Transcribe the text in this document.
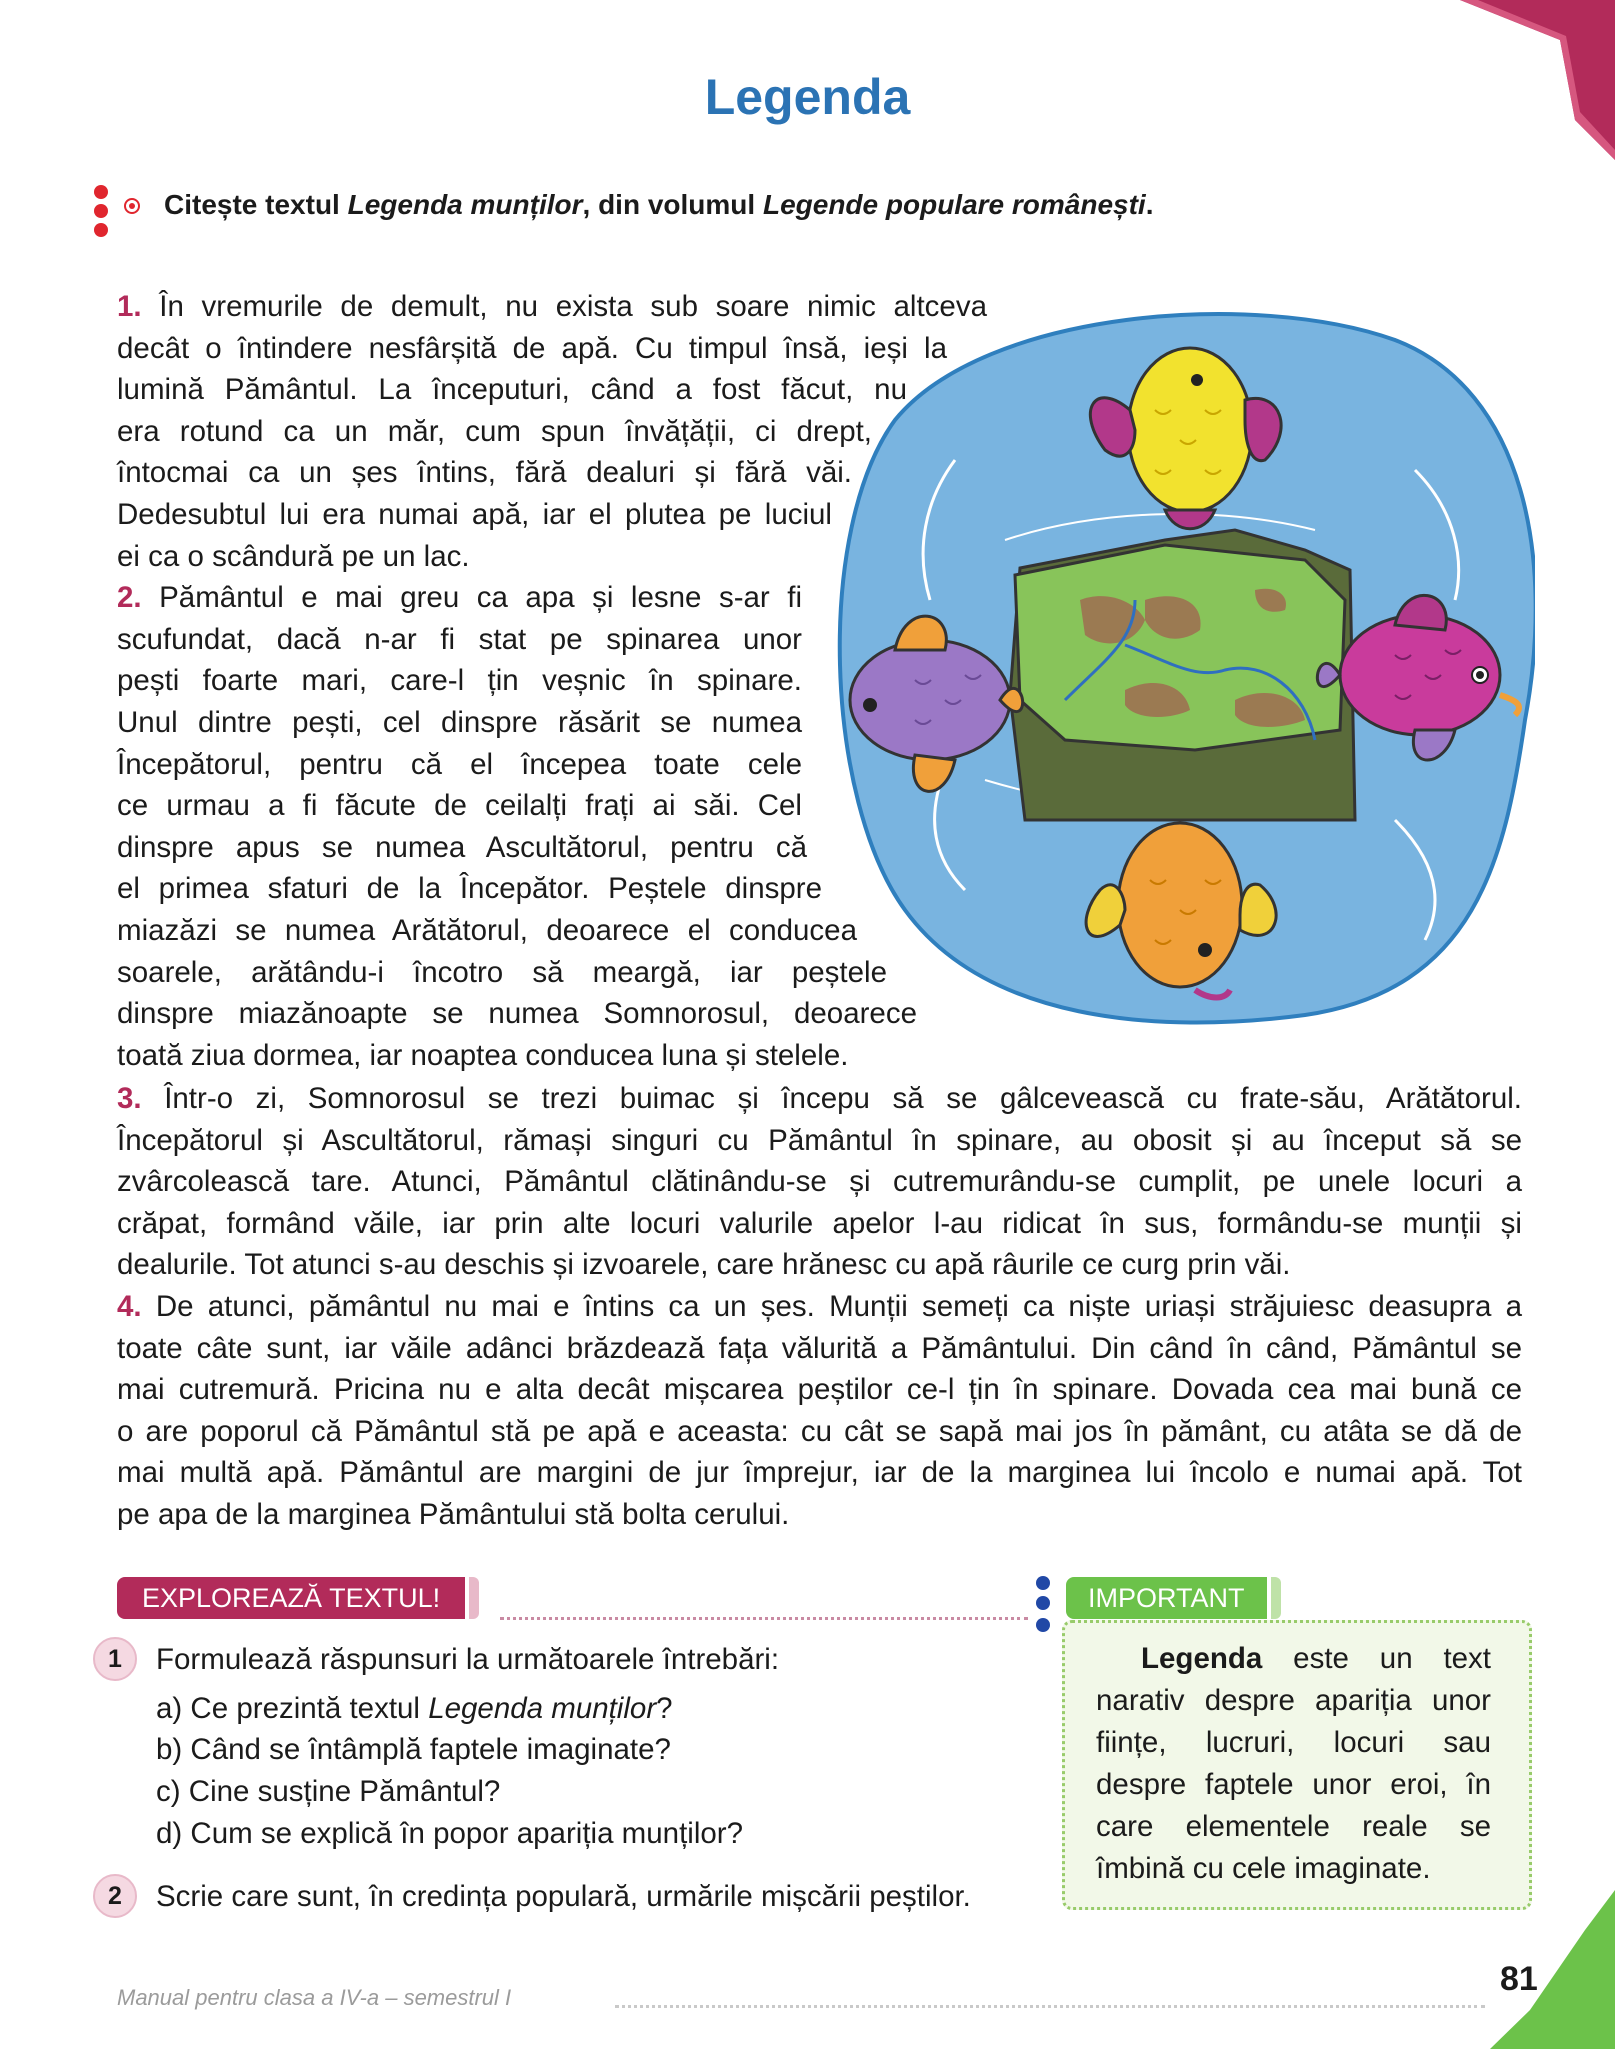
Legenda
Citește textul Legenda munților, din volumul Legende populare românești.
1. În vremurile de demult, nu exista sub soare nimic altceva
decât o întindere nesfârșită de apă. Cu timpul însă, ieși la
lumină Pământul. La începuturi, când a fost făcut, nu
era rotund ca un măr, cum spun învățății, ci drept,
întocmai ca un șes întins, fără dealuri și fără văi.
Dedesubtul lui era numai apă, iar el plutea pe luciul
ei ca o scândură pe un lac.
2. Pământul e mai greu ca apa și lesne s-ar fi
scufundat, dacă n-ar fi stat pe spinarea unor
pești foarte mari, care-l țin veșnic în spinare.
Unul dintre pești, cel dinspre răsărit se numea
Începătorul, pentru că el începea toate cele
ce urmau a fi făcute de ceilalți frați ai săi. Cel
dinspre apus se numea Ascultătorul, pentru că
el primea sfaturi de la Începător. Peștele dinspre
miazăzi se numea Arătătorul, deoarece el conducea
soarele, arătându-i încotro să meargă, iar peștele
dinspre miazănoapte se numea Somnorosul, deoarece
toată ziua dormea, iar noaptea conducea luna și stelele.
3. Într-o zi, Somnorosul se trezi buimac și începu să se gâlcevească cu frate-său, Arătătorul.
Începătorul și Ascultătorul, rămași singuri cu Pământul în spinare, au obosit și au început să se
zvârcolească tare. Atunci, Pământul clătinându-se și cutremurându-se cumplit, pe unele locuri a
crăpat, formând văile, iar prin alte locuri valurile apelor l-au ridicat în sus, formându-se munții și
dealurile. Tot atunci s-au deschis și izvoarele, care hrănesc cu apă râurile ce curg prin văi.
4. De atunci, pământul nu mai e întins ca un șes. Munții semeți ca niște uriași străjuiesc deasupra a
toate câte sunt, iar văile adânci brăzdează fața vălurită a Pământului. Din când în când, Pământul se
mai cutremură. Pricina nu e alta decât mișcarea peștilor ce-l țin în spinare. Dovada cea mai bună ce
o are poporul că Pământul stă pe apă e aceasta: cu cât se sapă mai jos în pământ, cu atâta se dă de
mai multă apă. Pământul are margini de jur împrejur, iar de la marginea lui încolo e numai apă. Tot
pe apa de la marginea Pământului stă bolta cerului.
EXPLOREAZĂ TEXTUL!
1	Formulează răspunsuri la următoarele întrebări:
a) Ce prezintă textul Legenda munților?
b) Când se întâmplă faptele imaginate?
c) Cine susține Pământul?
d) Cum se explică în popor apariția munților?
2	Scrie care sunt, în credința populară, urmările mișcării peștilor.
IMPORTANT
Legenda este un text narativ despre apariția unor ființe, lucruri, locuri sau despre faptele unor eroi, în care elementele reale se îmbină cu cele imaginate.
Manual pentru clasa a IV-a – semestrul I	81
